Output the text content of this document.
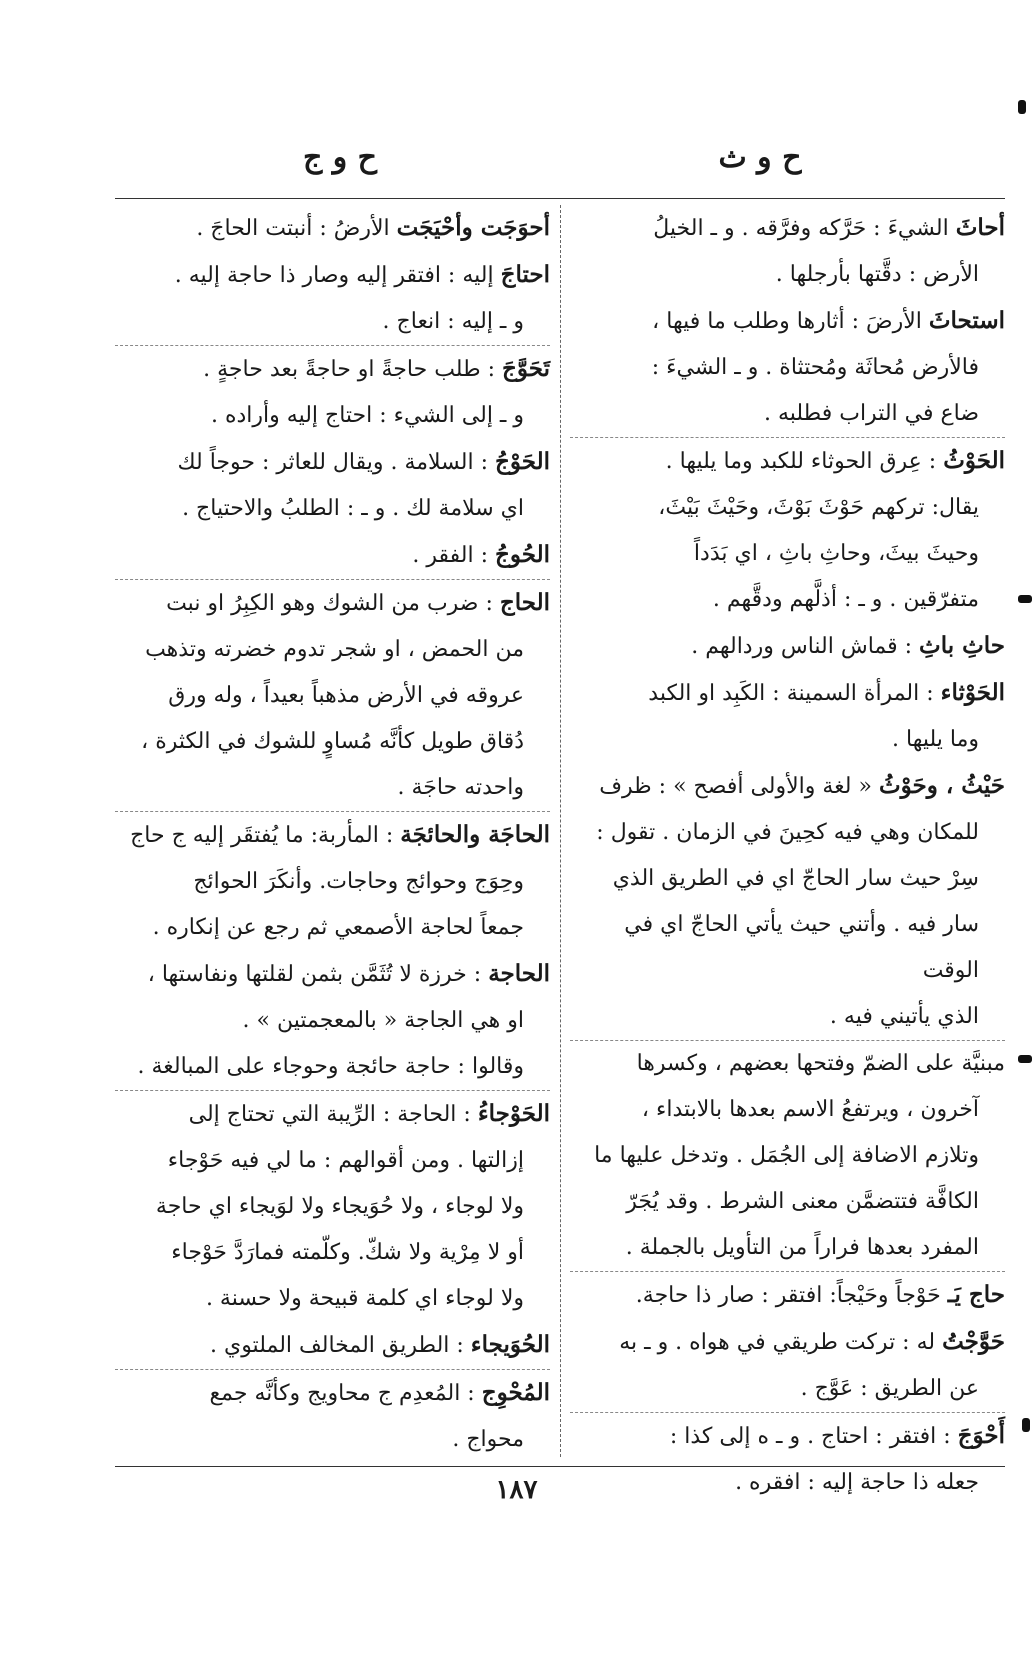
ح و ث
ح و ج
أحاثَ الشيءَ : حَرَّكه وفرَّقه . و ـ الخيلُ
الأرض : دقَّتها بأرجلها .
استحاثَ الأرضَ : أثارها وطلب ما فيها ،
فالأرض مُحاثَة ومُحتثاة . و ـ الشيءَ :
ضاع في التراب فطلبه .
الحَوْثُ : عِرق الحوثاء للكبد وما يليها .
يقال: تركهم حَوْثَ بَوْثَ، وحَيْثَ بَيْثَ،
وحيثَ بيثَ، وحاثِ باثِ ، اي بَدَداً
متفرّقين . و ـ : أذلَّهم ودقَّهم .
حاثِ باثِ : قماش الناس وردالهم .
الحَوْثاء : المرأة السمينة : الكَبِد او الكبد
وما يليها .
حَيْثُ ، وحَوْثُ « لغة والأولى أفصح » : ظرف
للمكان وهي فيه كحِينَ في الزمان . تقول :
سِرْ حيث سار الحاجّ اي في الطريق الذي
سار فيه . وأتني حيث يأتي الحاجّ اي في الوقت
الذي يأتيني فيه .
مبنيَّة على الضمّ وفتحها بعضهم ، وكسرها
آخرون ، ويرتفعُ الاسم بعدها بالابتداء ،
وتلازم الاضافة إلى الجُمَل . وتدخل عليها ما
الكافَّة فتتضمَّن معنى الشرط . وقد يُجَرّ
المفرد بعدها فراراً من التأويل بالجملة .
حاج يَـ حَوْجاً وحَيْجاً: افتقر : صار ذا حاجة.
حَوَّجْتُ له : تركت طريقي في هواه . و ـ به
عن الطريق : عَوَّج .
أَحْوَجَ : افتقر : احتاج . و ـ ه إلى كذا :
جعله ذا حاجة إليه : افقره .
أحوَجَت وأحْيَجَت الأرضُ : أنبتت الحاجَ .
احتاجَ إليه : افتقر إليه وصار ذا حاجة إليه .
و ـ إليه : انعاج .
تَحَوَّجَ : طلب حاجةً او حاجةً بعد حاجةٍ .
و ـ إلى الشيء : احتاج إليه وأراده .
الحَوْجُ : السلامة . ويقال للعاثر : حوجاً لك
اي سلامة لك . و ـ : الطلبُ والاحتياج .
الحُوجُ : الفقر .
الحاج : ضرب من الشوك وهو الكِبِرُ او نبت
من الحمض ، او شجر تدوم خضرته وتذهب
عروقه في الأرض مذهباً بعيداً ، وله ورق
دُقاق طويل كأنَّه مُساوٍ للشوك في الكثرة ،
واحدته حاجَة .
الحاجَة والحائجَة : المأربة: ما يُفتقَر إليه ج حاج
وحِوَج وحوائج وحاجات. وأنكَرَ الحوائج
جمعاً لحاجة الأصمعي ثم رجع عن إنكاره .
الحاجة : خرزة لا تُثَمَّن بثمن لقلتها ونفاستها ،
او هي الجاجة « بالمعجمتين » .
وقالوا : حاجة حائجة وحوجاء على المبالغة .
الحَوْجاءُ : الحاجة : الرِّيبة التي تحتاج إلى
إزالتها . ومن أقوالهم : ما لي فيه حَوْجاء
ولا لوجاء ، ولا حُوَيجاء ولا لوَيجاء اي حاجة
أو لا مِرْية ولا شكّ. وكلّمته فمارَدَّ حَوْجاء
ولا لوجاء اي كلمة قبيحة ولا حسنة .
الحُوَيجاء : الطريق المخالف الملتوي .
المُحْوِج : المُعدِم ج محاويج وكأنَّه جمع
محواج .
١٨٧
